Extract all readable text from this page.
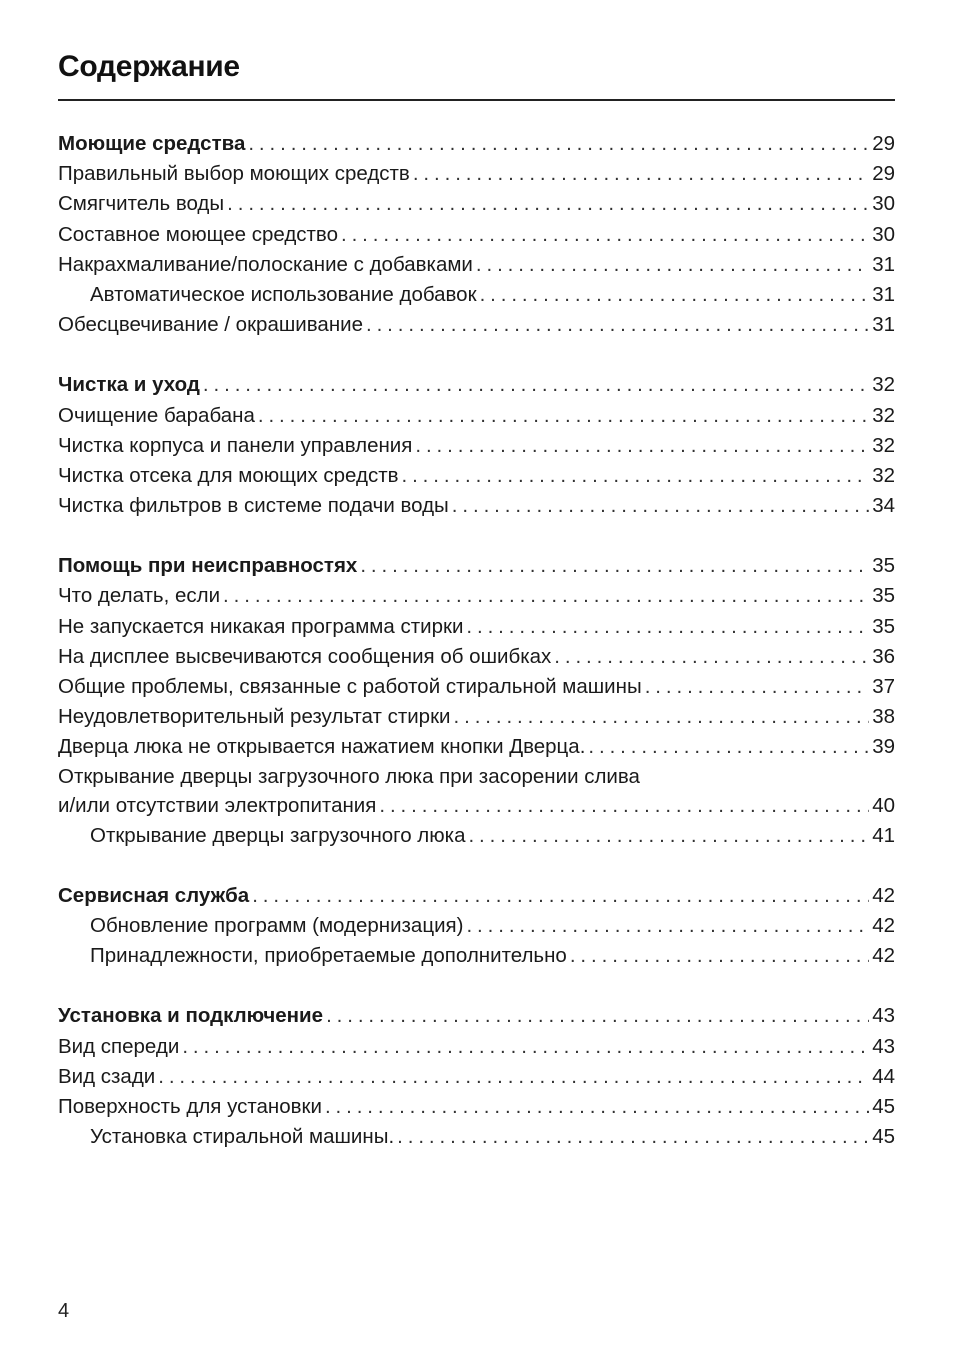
Содержание
Моющие средства . . .	29
Правильный выбор моющих средств . . .	29
Смягчитель воды . . .	30
Составное моющее средство . . .	30
Накрахмаливание/полоскание с добавками . . .	31
Автоматическое использование добавок . . .	31
Обесцвечивание / окрашивание . . .	31
Чистка и уход . . .	32
Очищение барабана . . .	32
Чистка корпуса и панели управления . . .	32
Чистка отсека для моющих средств . . .	32
Чистка фильтров в системе подачи воды . . .	34
Помощь при неисправностях . . .	35
Что делать, если . . .	35
Не запускается никакая программа стирки . . .	35
На дисплее высвечиваются сообщения об ошибках . . .	36
Общие проблемы, связанные с работой стиральной машины . . .	37
Неудовлетворительный результат стирки . . .	38
Дверца люка не открывается нажатием кнопки Дверца. . . .	39
Открывание дверцы загрузочного люка при засорении слива
и/или отсутствии электропитания . . .	40
Открывание дверцы загрузочного люка . . .	41
Сервисная служба . . .	42
Обновление программ (модернизация) . . .	42
Принадлежности, приобретаемые дополнительно . . .	42
Установка и подключение . . .	43
Вид спереди . . .	43
Вид сзади . . .	44
Поверхность для установки . . .	45
Установка стиральной машины. . . .	45
4
